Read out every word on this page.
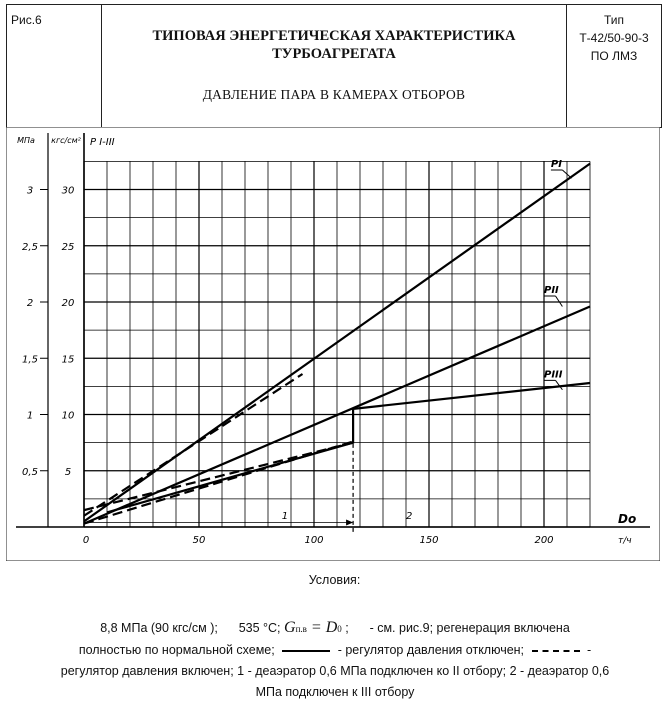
Рис.6
ТИПОВАЯ ЭНЕРГЕТИЧЕСКАЯ ХАРАКТЕРИСТИКА
ТУРБОАГРЕГАТА
ДАВЛЕНИЕ ПАРА В КАМЕРАХ ОТБОРОВ
Тип
Т-42/50-90-3
ПО ЛМЗ
5
10
15
20
25
30
0,5
1
1,5
2
2,5
3
0	50	100	150	200
MПа кгс/см² P I-III
Do
т/ч
1	2
PI
PII
PIII
Условия:
8,8 МПа (90 кгс/см ); 535 °C; Gп.в = D0 ; - см. рис.9; регенерация включена
полностью по нормальной схеме;	- регулятор давления отключен;	-
регулятор давления включен; 1 - деаэратор 0,6 МПа подключен ко II отбору; 2 - деаэратор 0,6
МПа подключен к III отбору
